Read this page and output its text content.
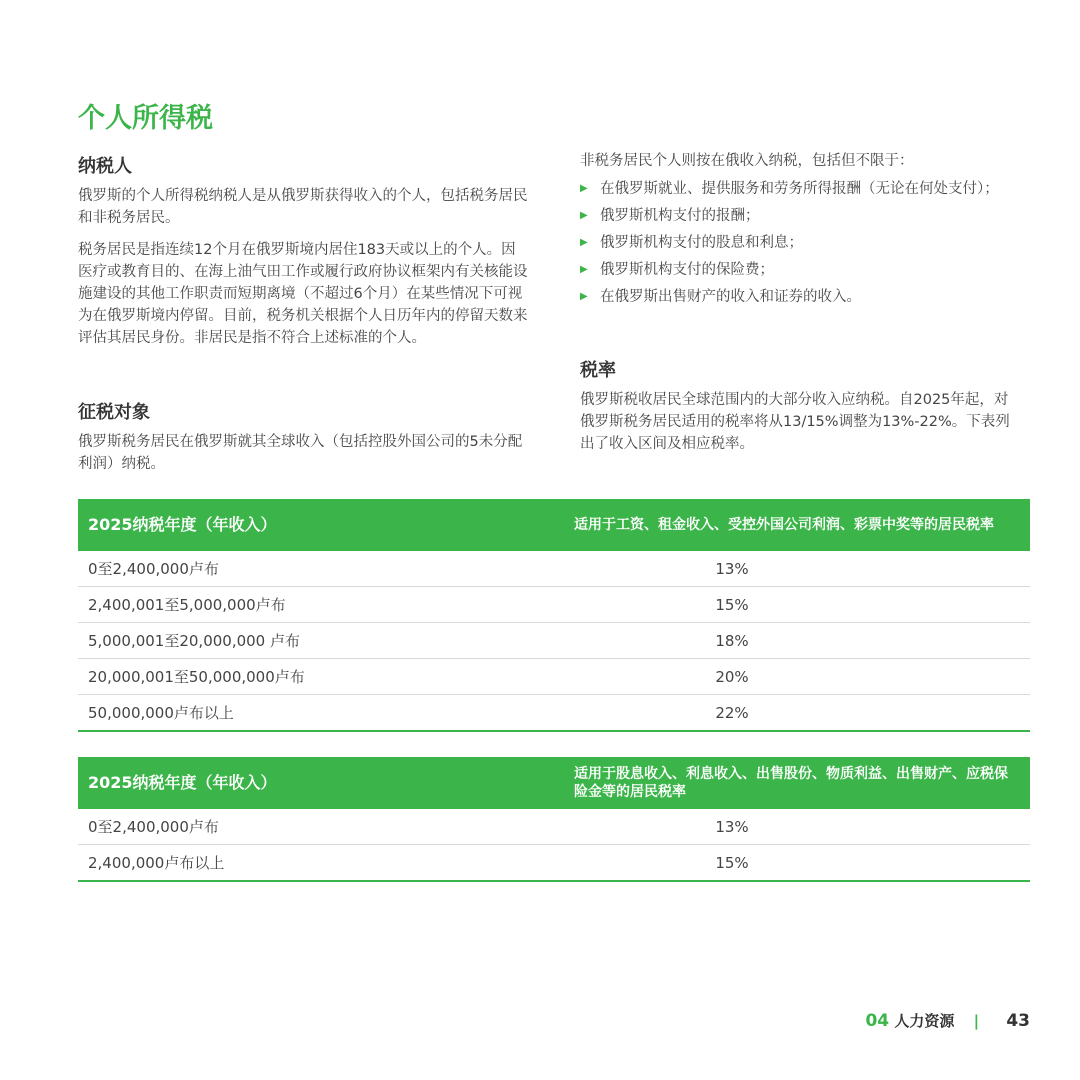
个人所得税
纳税人

俄罗斯的个人所得税纳税人是从俄罗斯获得收入的个人，包括税务居民和非税务居民。

税务居民是指连续12个月在俄罗斯境内居住183天或以上的个人。因医疗或教育目的、在海上油气田工作或履行政府协议框架内有关核能设施建设的其他工作职责而短期离境（不超过6个月）在某些情况下可视为在俄罗斯境内停留。目前，税务机关根据个人日历年内的停留天数来评估其居民身份。非居民是指不符合上述标准的个人。

征税对象

俄罗斯税务居民在俄罗斯就其全球收入（包括控股外国公司的5未分配利润）纳税。

非税务居民个人则按在俄收入纳税，包括但不限于：

▶ 在俄罗斯就业、提供服务和劳务所得报酬（无论在何处支付）；
▶ 俄罗斯机构支付的报酬；
▶ 俄罗斯机构支付的股息和利息；
▶ 俄罗斯机构支付的保险费；
▶ 在俄罗斯出售财产的收入和证券的收入。
税率

俄罗斯税收居民全球范围内的大部分收入应纳税。自2025年起，对俄罗斯税务居民适用的税率将从13/15%调整为13%-22%。下表列出了收入区间及相应税率。

2025纳税年度（年收入）	适用于工资、租金收入、受控外国公司利润、彩票中奖等的居民税率
0至2,400,000卢布	13%
2,400,001至5,000,000卢布	15%
5,000,001至20,000,000 卢布	18%
20,000,001至50,000,000卢布	20%
50,000,000卢布以上	22%
2025纳税年度（年收入）	适用于股息收入、利息收入、出售股份、物质利益、出售财产、应税保险金等的居民税率
0至2,400,000卢布	13%
2,400,000卢布以上	15%
04 人力资源 | 43
